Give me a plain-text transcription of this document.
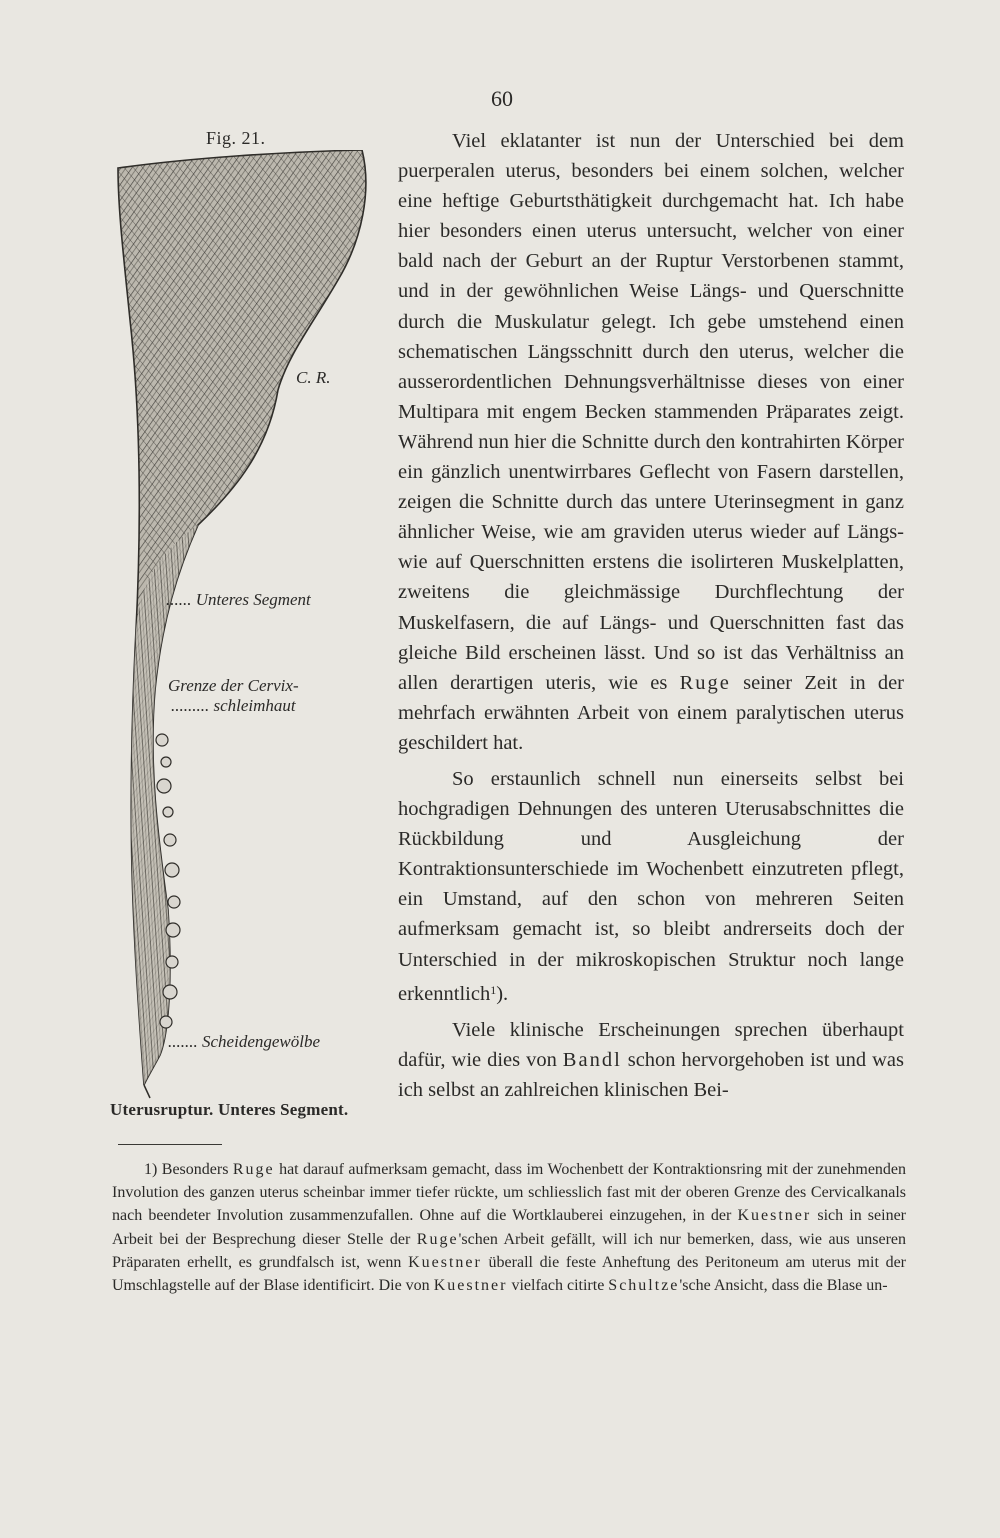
60
Fig. 21.
C. R.
...... Unteres Segment
Grenze der Cervix-
......... schleimhaut
....... Scheidengewölbe
Uterusruptur. Unteres Segment.

Viel eklatanter ist nun der Unterschied bei dem puerperalen uterus, besonders bei einem solchen, welcher eine heftige Geburtsthätigkeit durchgemacht hat. Ich habe hier besonders einen uterus untersucht, welcher von einer bald nach der Geburt an der Ruptur Verstorbenen stammt, und in der gewöhnlichen Weise Längs- und Querschnitte durch die Muskulatur gelegt. Ich gebe umstehend einen schematischen Längsschnitt durch den uterus, welcher die ausserordentlichen Dehnungsverhältnisse dieses von einer Multipara mit engem Becken stammenden Präparates zeigt. Während nun hier die Schnitte durch den kontrahirten Körper ein gänzlich unentwirrbares Geflecht von Fasern darstellen, zeigen die Schnitte durch das untere Uterinsegment in ganz ähnlicher Weise, wie am graviden uterus wieder auf Längs- wie auf Querschnitten erstens die isolirteren Muskelplatten, zweitens die gleichmässige Durchflechtung der Muskelfasern, die auf Längs- und Querschnitten fast das gleiche Bild erscheinen lässt. Und so ist das Verhältniss an allen derartigen uteris, wie es Ruge seiner Zeit in der mehrfach erwähnten Arbeit von einem paralytischen uterus geschildert hat.

So erstaunlich schnell nun einerseits selbst bei hochgradigen Dehnungen des unteren Uterusabschnittes die Rückbildung und Ausgleichung der Kontraktionsunterschiede im Wochenbett einzutreten pflegt, ein Umstand, auf den schon von mehreren Seiten aufmerksam gemacht ist, so bleibt andrerseits doch der Unterschied in der mikroskopischen Struktur noch lange erkenntlich$^1$).

Viele klinische Erscheinungen sprechen überhaupt dafür, wie dies von Bandl schon hervorgehoben ist und was ich selbst an zahlreichen klinischen Bei-

1) Besonders Ruge hat darauf aufmerksam gemacht, dass im Wochenbett der Kontraktionsring mit der zunehmenden Involution des ganzen uterus scheinbar immer tiefer rückte, um schliesslich fast mit der oberen Grenze des Cervicalkanals nach beendeter Involution zusammenzufallen. Ohne auf die Wortklauberei einzugehen, in der Kuestner sich in seiner Arbeit bei der Besprechung dieser Stelle der Ruge'schen Arbeit gefällt, will ich nur bemerken, dass, wie aus unseren Präparaten erhellt, es grundfalsch ist, wenn Kuestner überall die feste Anheftung des Peritoneum am uterus mit der Umschlagstelle auf der Blase identificirt. Die von Kuestner vielfach citirte Schultze'sche Ansicht, dass die Blase un-
